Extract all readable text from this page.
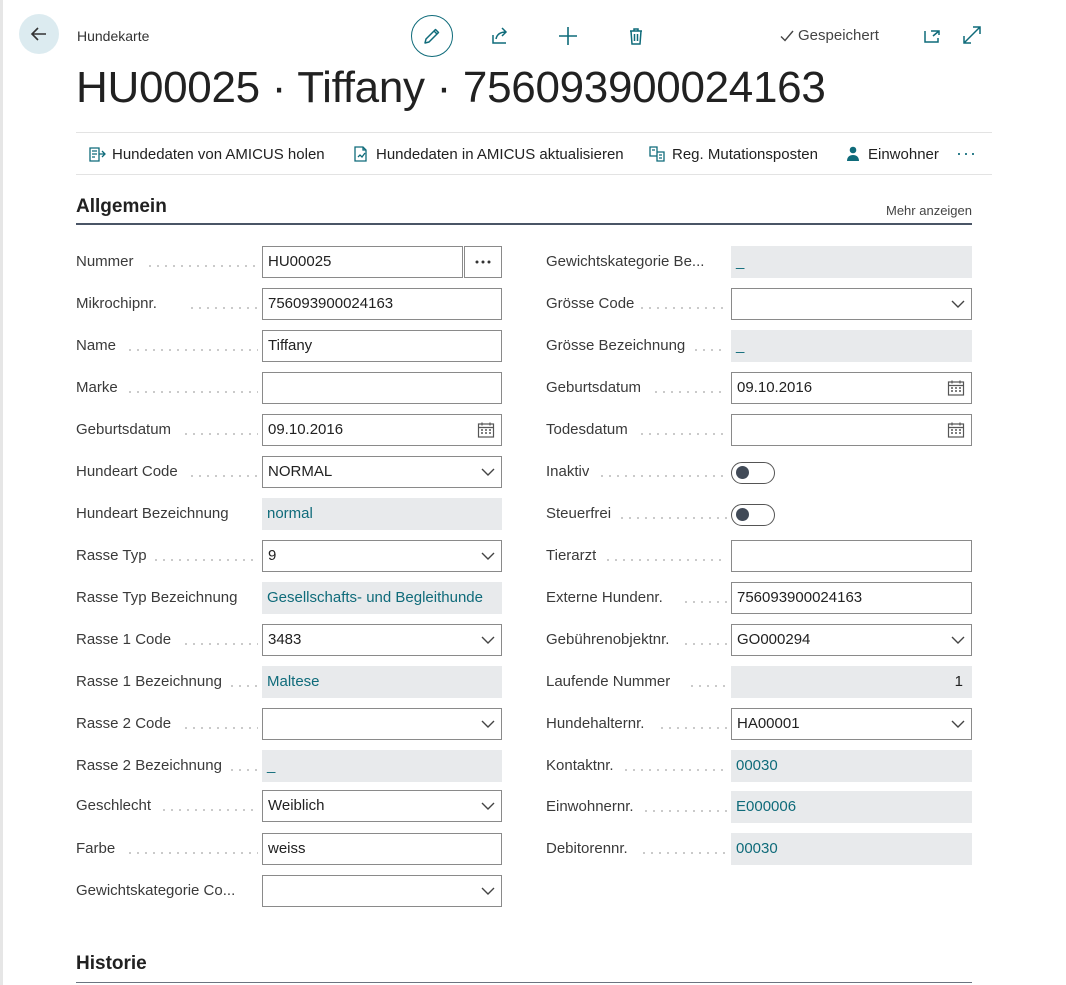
Hundekarte	Gespeichert
HU00025 · Tiffany · 756093900024163
Hundedaten von AMICUS holen	Hundedaten in AMICUS aktualisieren	Reg. Mutationsposten	Einwohner ···
Allgemein	Mehr anzeigen
Nummer	HU00025
Mikrochipnr.	756093900024163
Name	Tiffany
Marke
Geburtsdatum	09.10.2016
Hundeart Code	NORMAL
Hundeart Bezeichnung	normal
Rasse Typ	9
Rasse Typ Bezeichnung	Gesellschafts- und Begleithunde
Rasse 1 Code	3483
Rasse 1 Bezeichnung	Maltese
Rasse 2 Code
Rasse 2 Bezeichnung	_
Geschlecht	Weiblich
Farbe	weiss
Gewichtskategorie Co...
Gewichtskategorie Be...	_
Grösse Code
Grösse Bezeichnung	_
Geburtsdatum	09.10.2016
Todesdatum
Inaktiv
Steuerfrei
Tierarzt
Externe Hundenr.	756093900024163
Gebührenobjektnr.	GO000294
Laufende Nummer	1
Hundehalternr.	HA00001
Kontaktnr.	00030
Einwohnernr.	E000006
Debitorennr.	00030
Historie
